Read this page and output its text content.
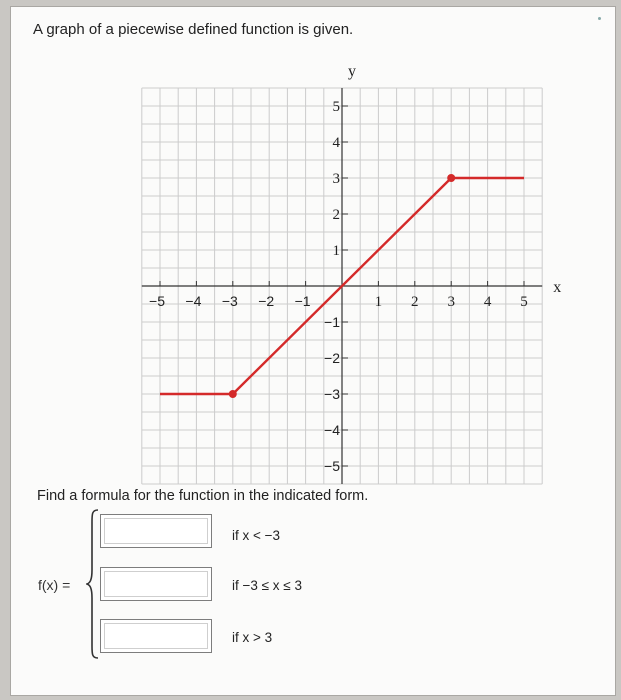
A graph of a piecewise defined function is given.
−5 −4 −3 −2 −1	1 2 3 4 5
5
4
3
2
1
−1
−2
−3
−4
−5
x
y
Find a formula for the function in the indicated form.
f(x) =
if x < −3
if −3 ≤ x ≤ 3
if x > 3
